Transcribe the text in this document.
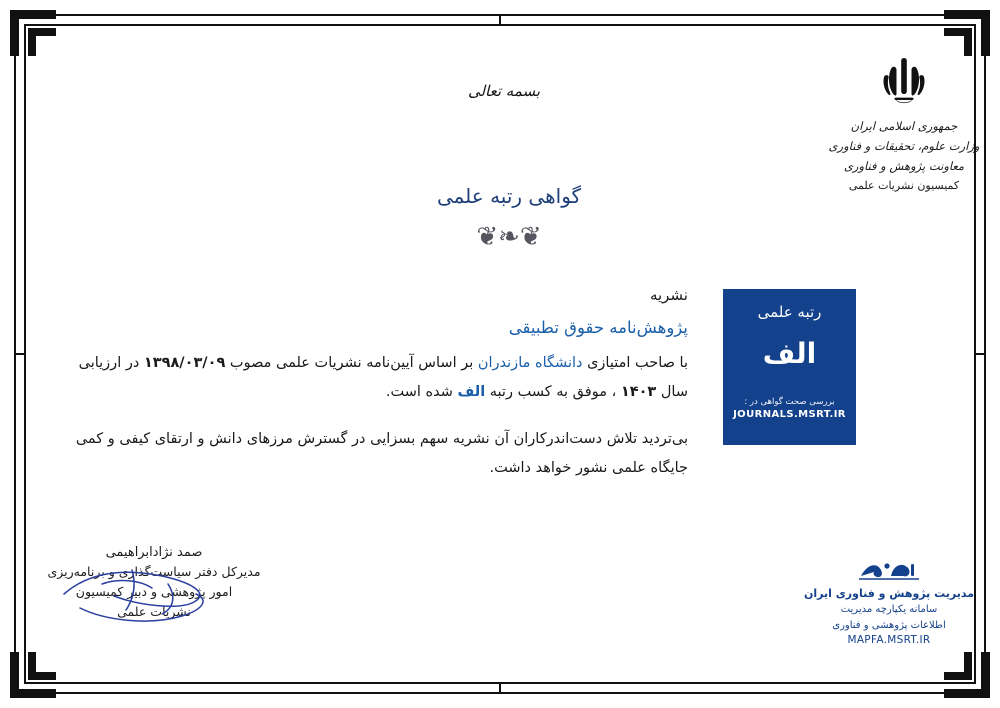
جمهوری اسلامی ایران
وزارت علوم، تحقیقات و فناوری
معاونت پژوهش و فناوری
کمیسیون نشریات علمی
بسمه تعالی
گواهی رتبه علمی
❦❧❦
رتبه علمی
الف
بررسی صحت گواهی در :
JOURNALS.MSRT.IR
نشریه
پژوهش‌نامه حقوق تطبیقی

با صاحب امتیازی دانشگاه مازندران بر اساس آیین‌نامه نشریات علمی مصوب ۱۳۹۸/۰۳/۰۹ در ارزیابی سال ۱۴۰۳ ، موفق به کسب رتبه الف شده است.

بی‌تردید تلاش دست‌اندرکاران آن نشریه سهم بسزایی در گسترش مرزهای دانش و ارتقای کیفی و کمی جایگاه علمی نشور خواهد داشت.

صمد نژادابراهیمی
مدیرکل دفتر سیاست‌گذاری و برنامه‌ریزی
امور پژوهشی و دبیر کمیسیون
نشریات علمی
مدیریت پژوهش و فناوری ایران
سامانه یکپارچه مدیریت
اطلاعات پژوهشی و فناوری
MAPFA.MSRT.IR
